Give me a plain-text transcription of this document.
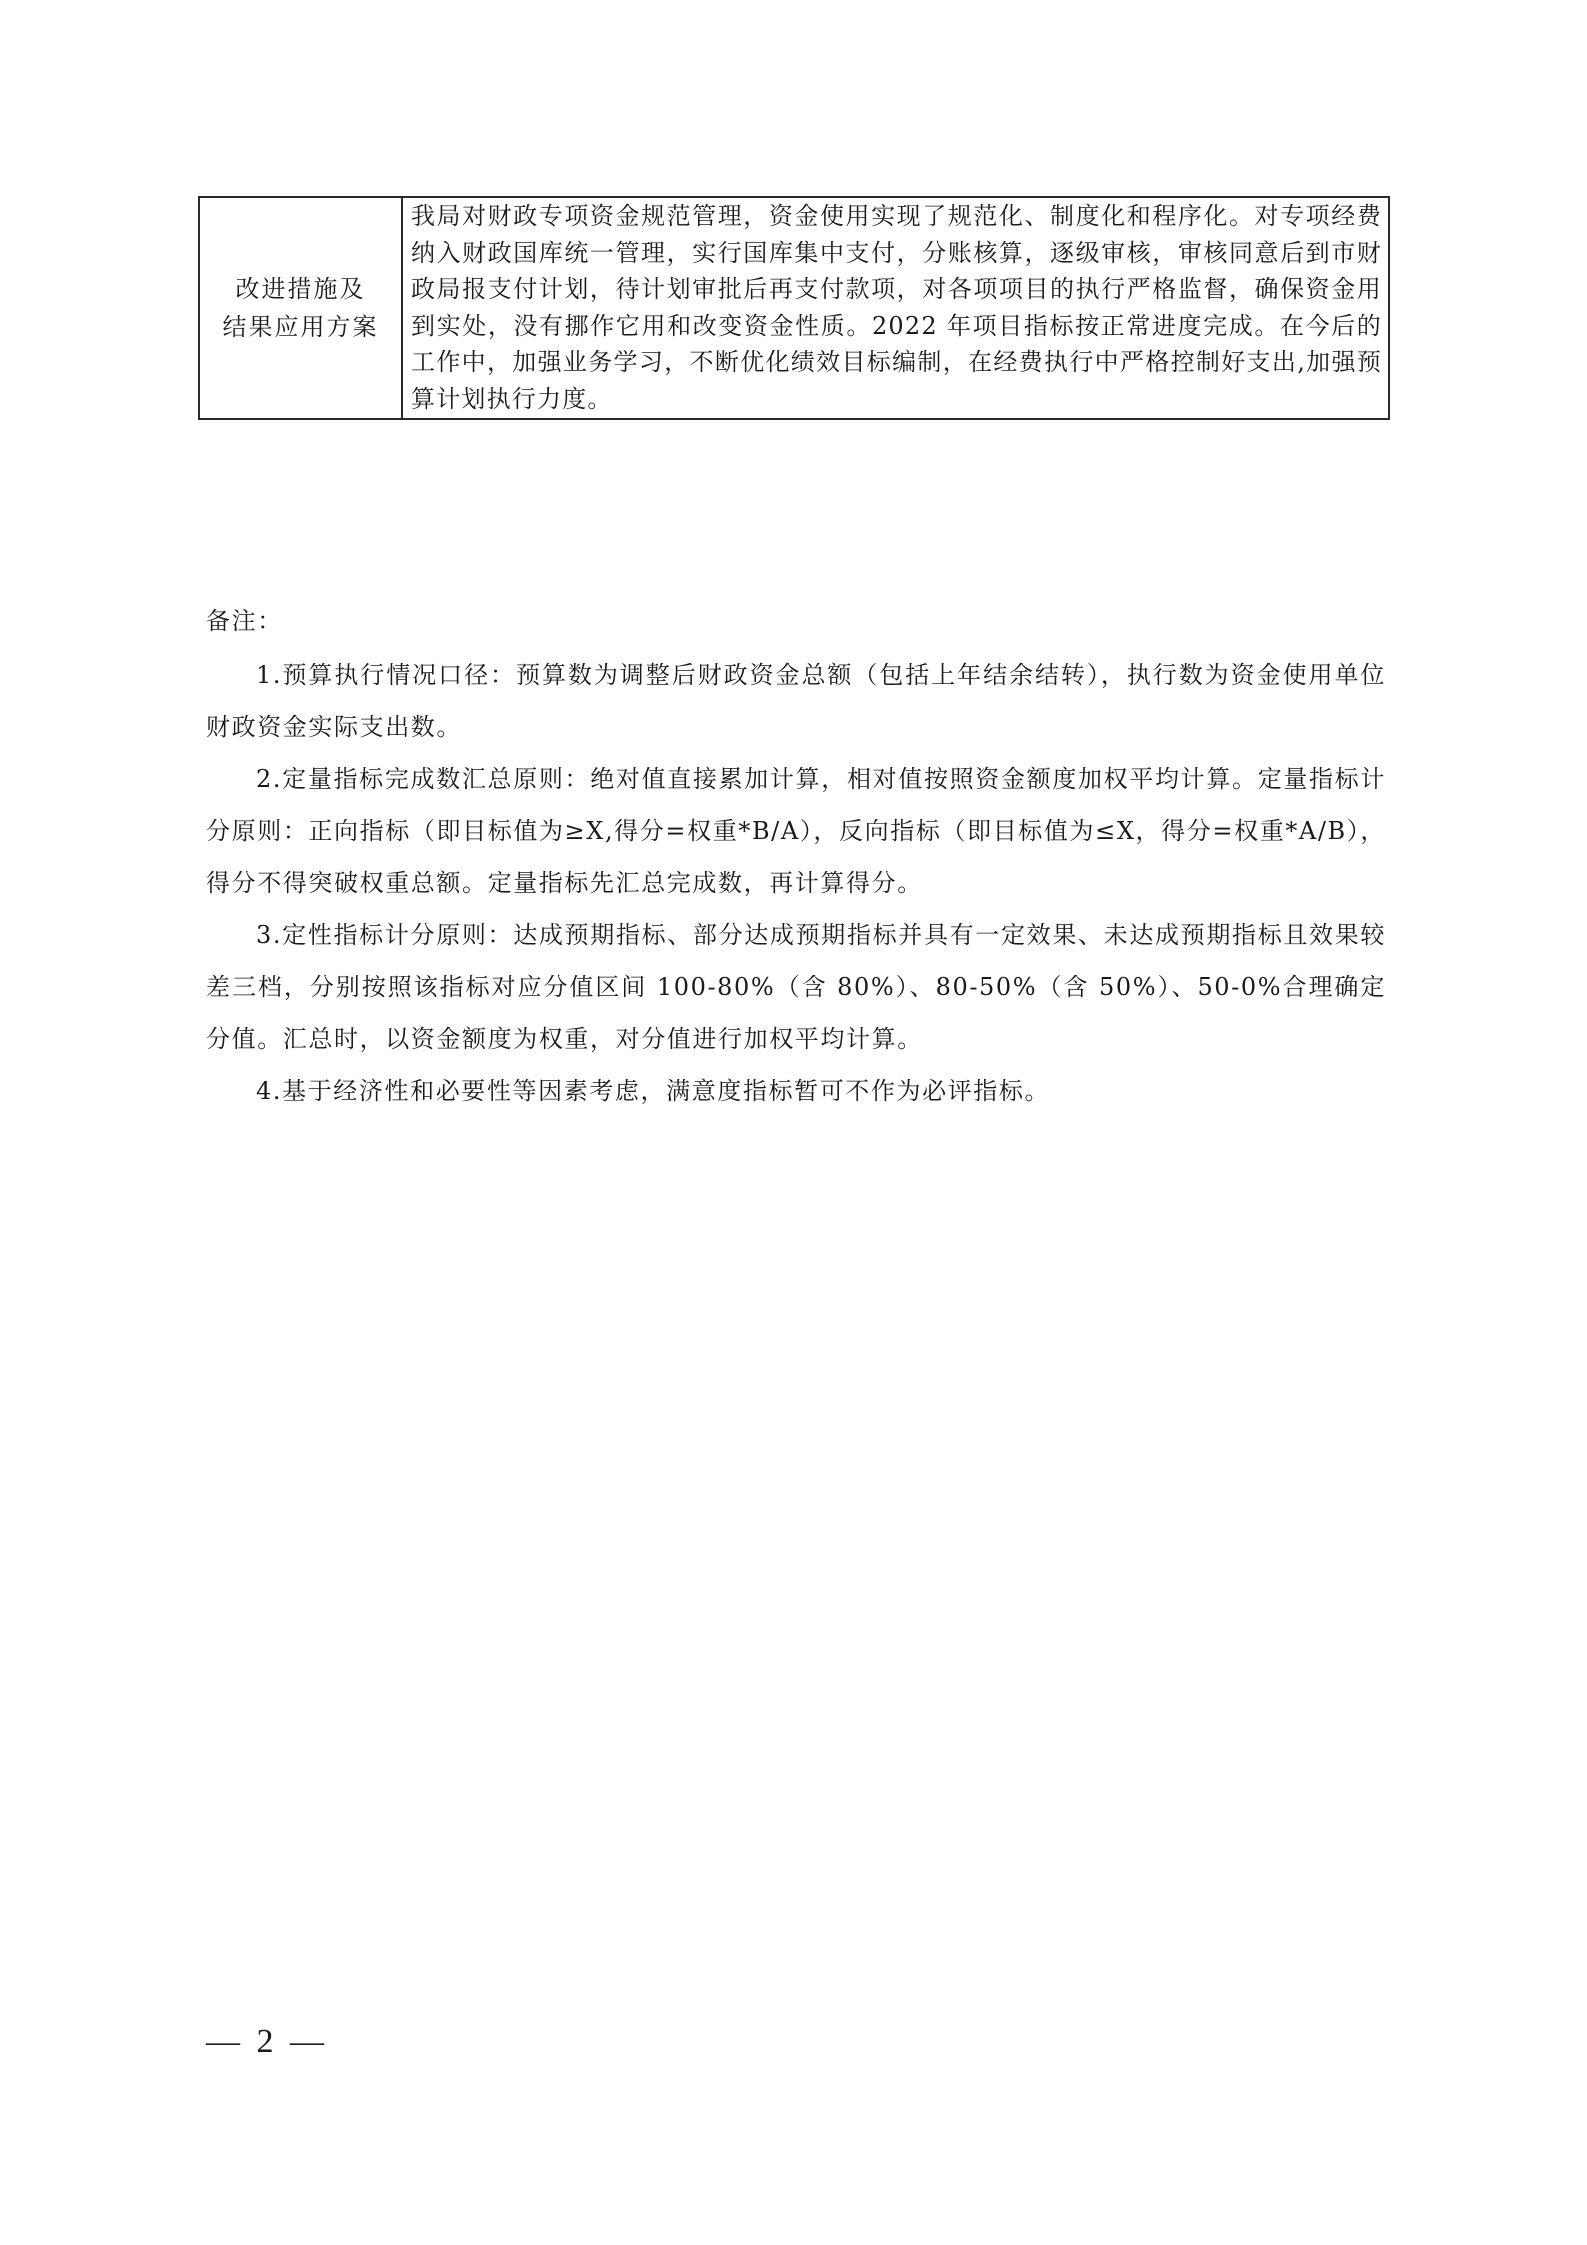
改进措施及
结果应用方案
	我局对财政专项资金规范管理，资金使用实现了规范化、制度化和程序化。对专项经费纳入财政国库统一管理，实行国库集中支付，分账核算，逐级审核，审核同意后到市财政局报支付计划，待计划审批后再支付款项，对各项项目的执行严格监督，确保资金用到实处，没有挪作它用和改变资金性质。2022 年项目指标按正常进度完成。在今后的工作中，加强业务学习，不断优化绩效目标编制，在经费执行中严格控制好支出,加强预算计划执行力度。
备注：

1.预算执行情况口径：预算数为调整后财政资金总额（包括上年结余结转），执行数为资金使用单位财政资金实际支出数。

2.定量指标完成数汇总原则：绝对值直接累加计算，相对值按照资金额度加权平均计算。定量指标计分原则：正向指标（即目标值为≥X,得分=权重*B/A），反向指标（即目标值为≤X，得分=权重*A/B），得分不得突破权重总额。定量指标先汇总完成数，再计算得分。

3.定性指标计分原则：达成预期指标、部分达成预期指标并具有一定效果、未达成预期指标且效果较差三档，分别按照该指标对应分值区间 100-80%（含 80%）、80-50%（含 50%）、50-0%合理确定分值。汇总时，以资金额度为权重，对分值进行加权平均计算。

4.基于经济性和必要性等因素考虑，满意度指标暂可不作为必评指标。

— 2 —
